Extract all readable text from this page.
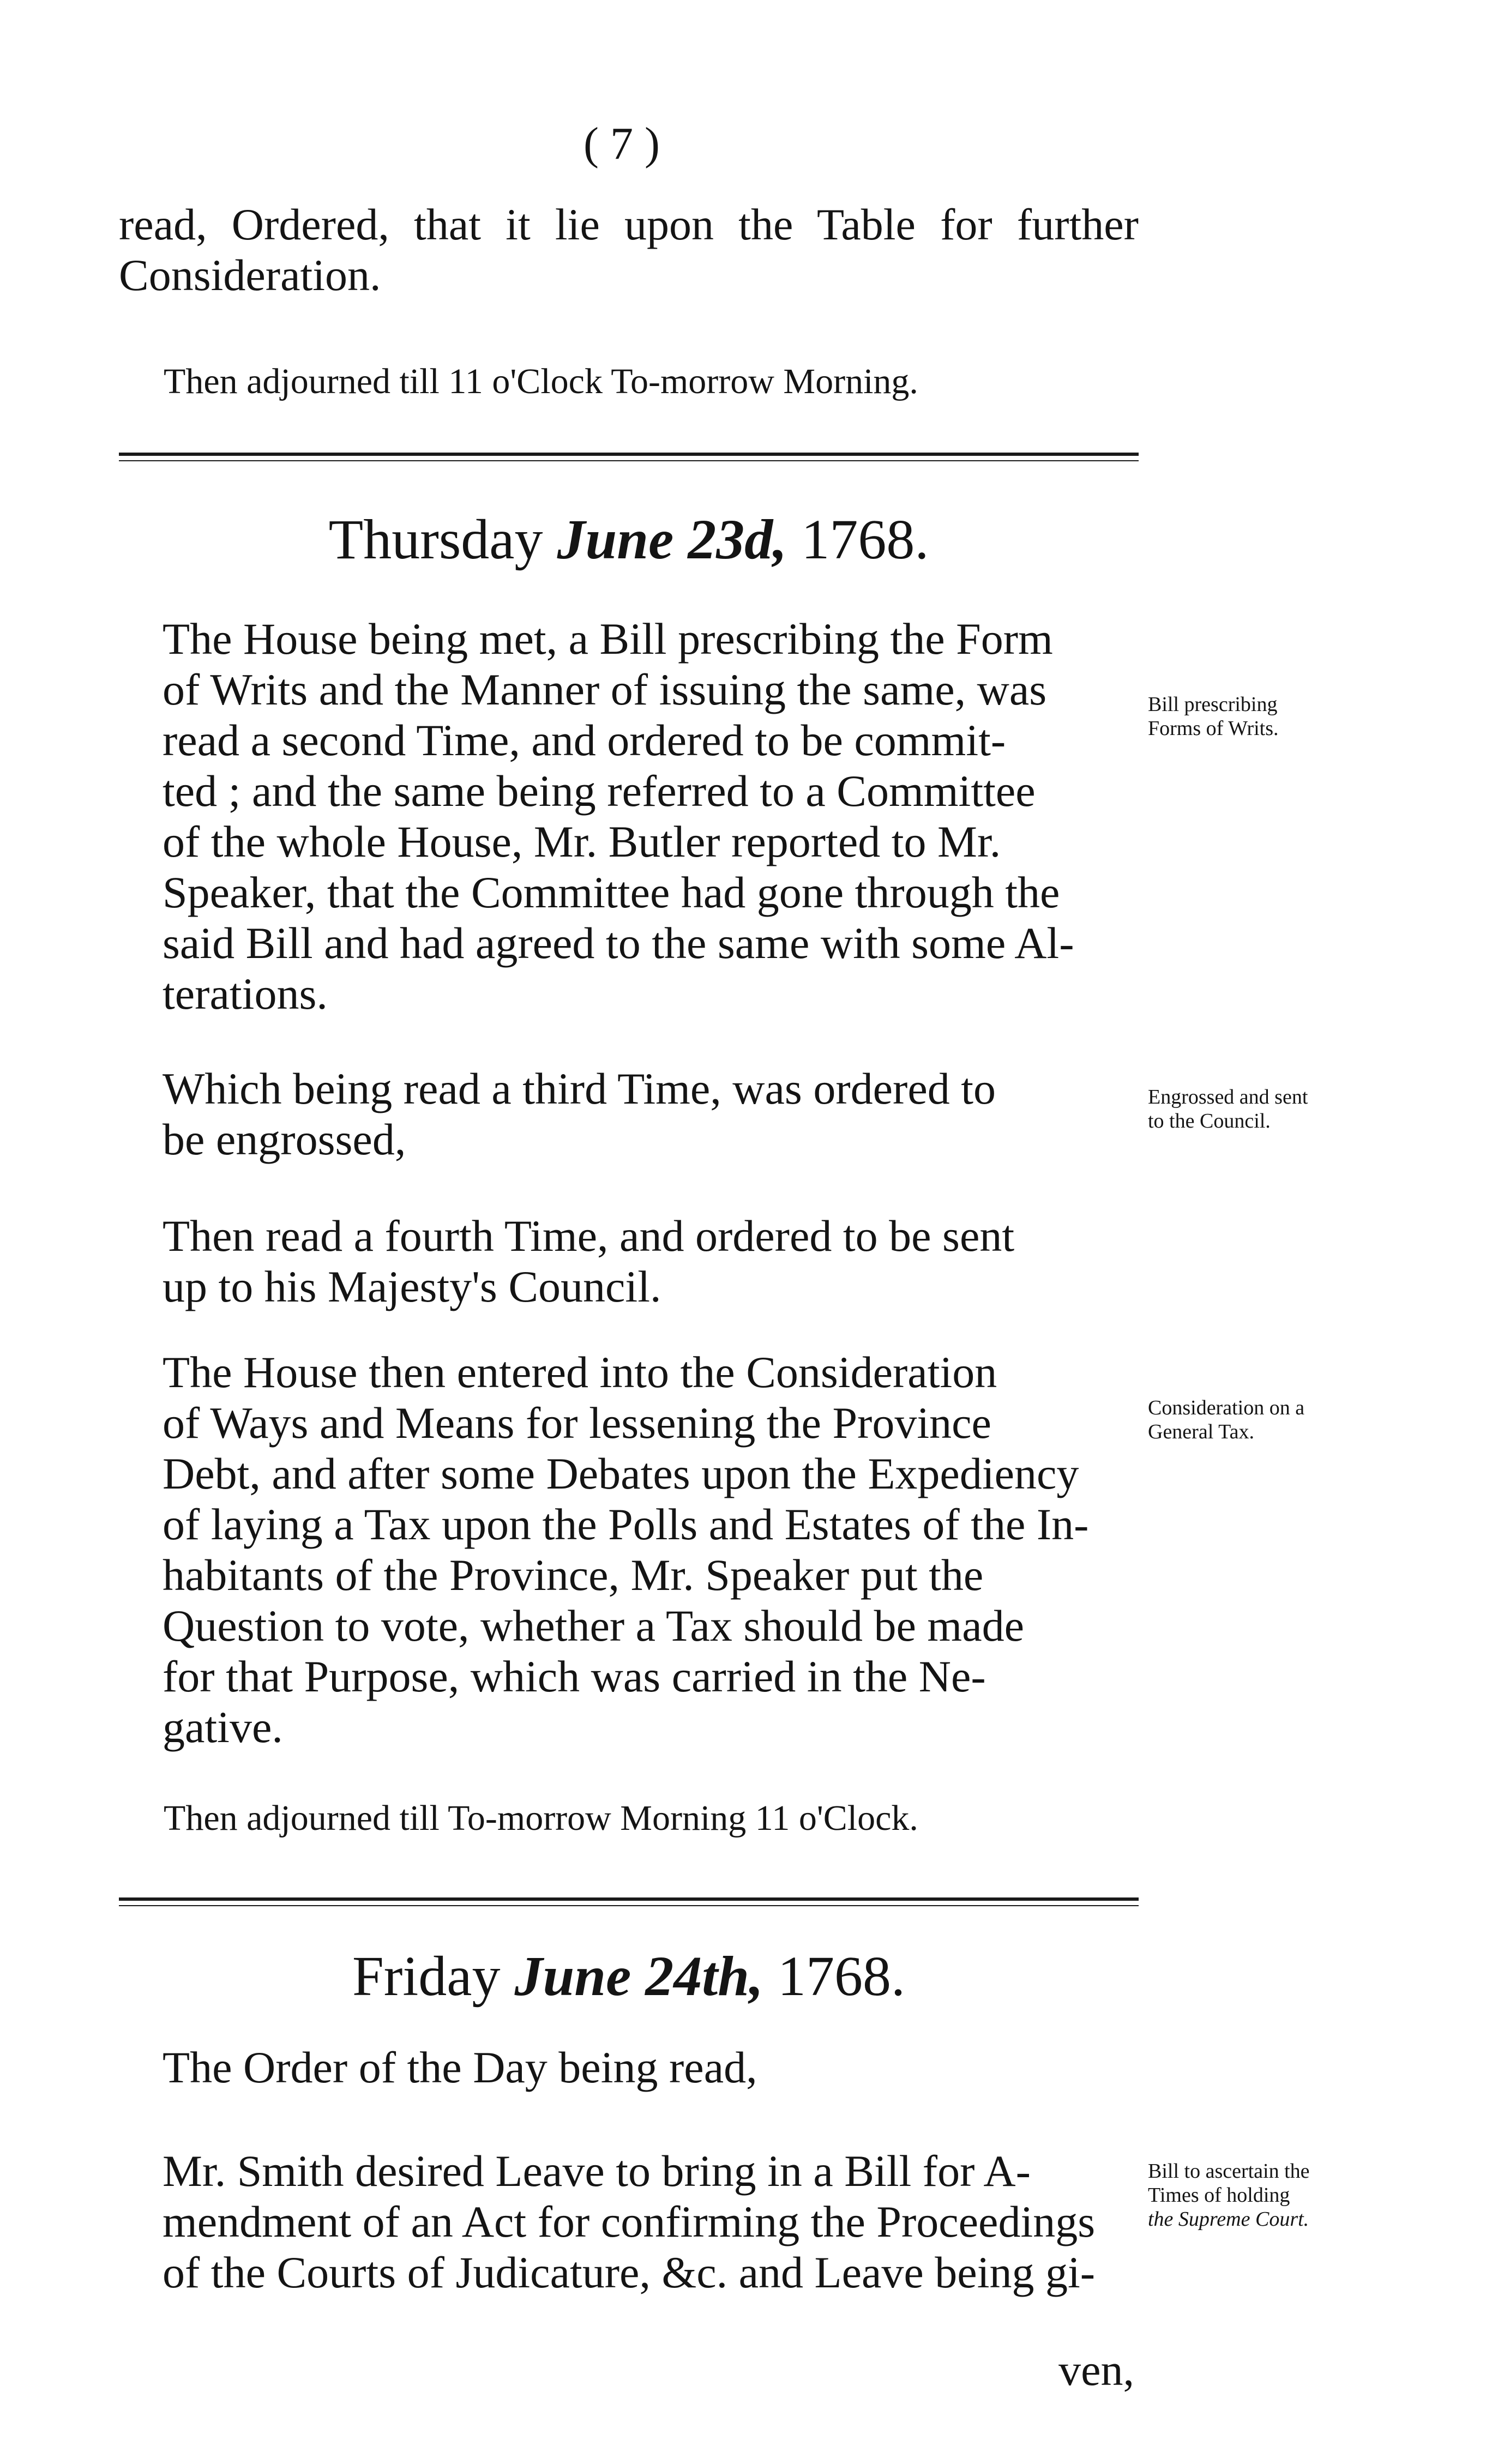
( 7 )

read, Ordered, that it lie upon the Table for further Consideration.

Then adjourned till 11 o'Clock To-morrow Morning.

Thursday June 23d, 1768.

The House being met, a Bill prescribing the Form
of Writs and the Manner of issuing the same, was
read a second Time, and ordered to be commit-
ted ; and the same being referred to a Committee
of the whole House, Mr. Butler reported to Mr.
Speaker, that the Committee had gone through the
said Bill and had agreed to the same with some Al-
terations.

Which being read a third Time, was ordered to
be engrossed,

Then read a fourth Time, and ordered to be sent
up to his Majesty's Council.

The House then entered into the Consideration
of Ways and Means for lessening the Province
Debt, and after some Debates upon the Expediency
of laying a Tax upon the Polls and Estates of the In-
habitants of the Province, Mr. Speaker put the
Question to vote, whether a Tax should be made
for that Purpose, which was carried in the Ne-
gative.

Then adjourned till To-morrow Morning 11 o'Clock.

Friday June 24th, 1768.

The Order of the Day being read,

Mr. Smith desired Leave to bring in a Bill for A-
mendment of an Act for confirming the Proceedings
of the Courts of Judicature, &c. and Leave being gi-

ven,
Bill prescribing
Forms of Writs.
Engrossed and sent
to the Council.
Consideration on a
General Tax.
Bill to ascertain the
Times of holding
the Supreme Court.
